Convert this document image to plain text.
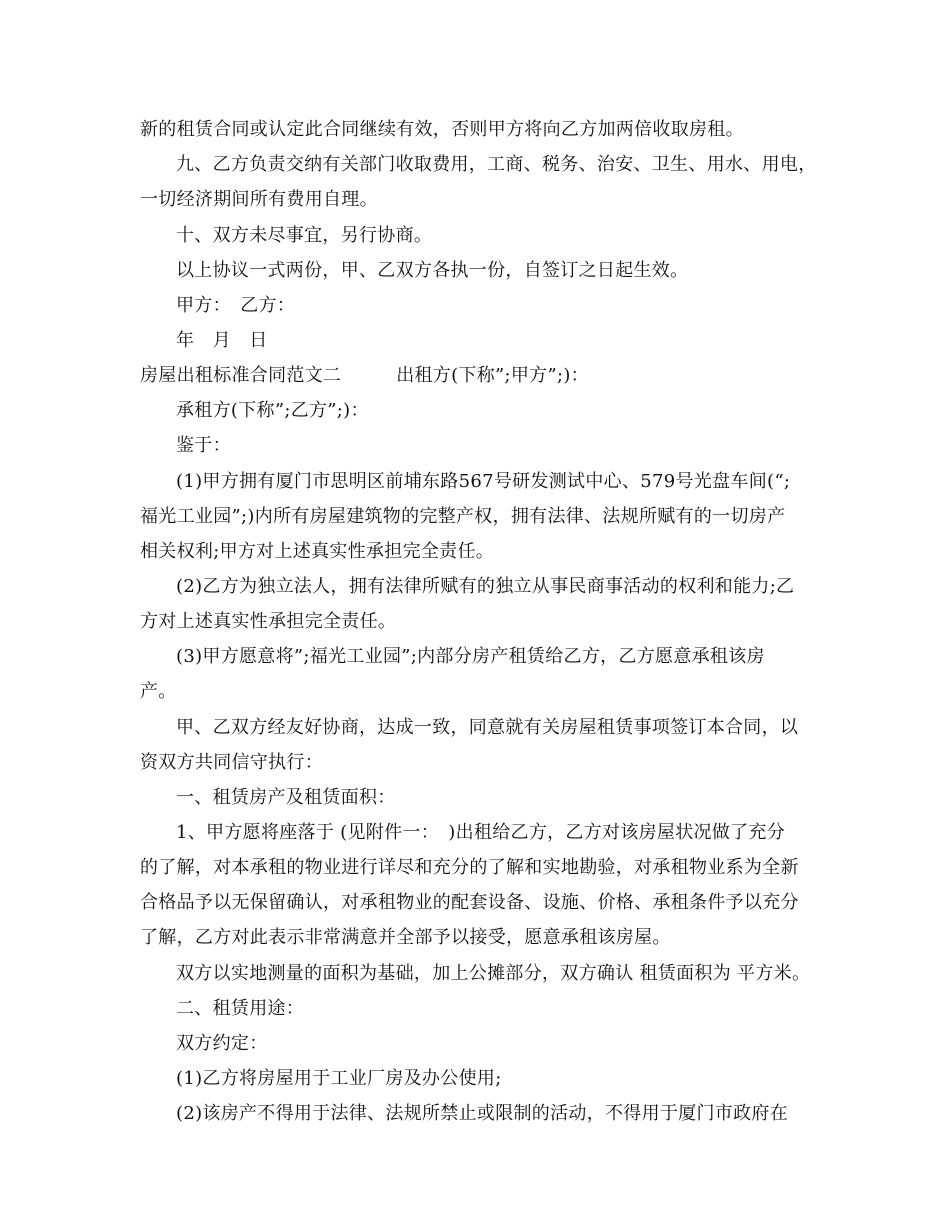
新的租赁合同或认定此合同继续有效，否则甲方将向乙方加两倍收取房租。
九、乙方负责交纳有关部门收取费用，工商、税务、治安、卫生、用水、用电，
一切经济期间所有费用自理。
十、双方未尽事宜，另行协商。
以上协议一式两份，甲、乙双方各执一份，自签订之日起生效。
甲方：　乙方：
年　月　日
房屋出租标准合同范文二　　　出租方(下称”;甲方”;)：
承租方(下称”;乙方”;)：
鉴于：
(1)甲方拥有厦门市思明区前埔东路567号研发测试中心、579号光盘车间(“;
福光工业园”;)内所有房屋建筑物的完整产权，拥有法律、法规所赋有的一切房产
相关权利;甲方对上述真实性承担完全责任。
(2)乙方为独立法人，拥有法律所赋有的独立从事民商事活动的权利和能力;乙
方对上述真实性承担完全责任。
(3)甲方愿意将”;福光工业园”;内部分房产租赁给乙方，乙方愿意承租该房
产。
甲、乙双方经友好协商，达成一致，同意就有关房屋租赁事项签订本合同，以
资双方共同信守执行：
一、租赁房产及租赁面积：
1、甲方愿将座落于 (见附件一：　)出租给乙方，乙方对该房屋状况做了充分
的了解，对本承租的物业进行详尽和充分的了解和实地勘验，对承租物业系为全新
合格品予以无保留确认，对承租物业的配套设备、设施、价格、承租条件予以充分
了解，乙方对此表示非常满意并全部予以接受，愿意承租该房屋。
双方以实地测量的面积为基础，加上公摊部分，双方确认 租赁面积为 平方米。
二、租赁用途：
双方约定：
(1)乙方将房屋用于工业厂房及办公使用;
(2)该房产不得用于法律、法规所禁止或限制的活动，不得用于厦门市政府在
